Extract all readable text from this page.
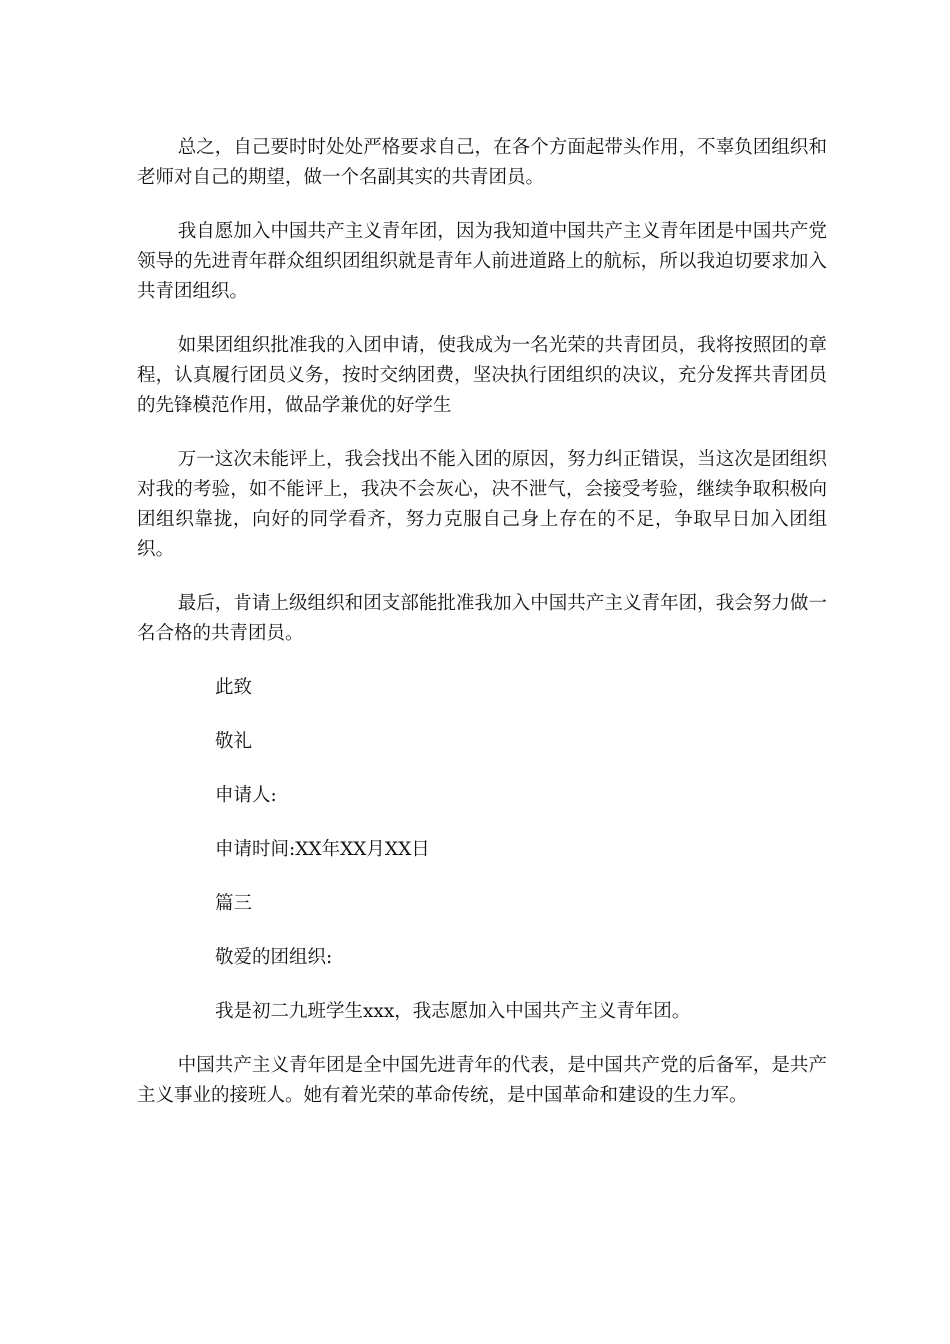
总之，自己要时时处处严格要求自己，在各个方面起带头作用，不辜负团组织和老师对自己的期望，做一个名副其实的共青团员。

我自愿加入中国共产主义青年团，因为我知道中国共产主义青年团是中国共产党领导的先进青年群众组织团组织就是青年人前进道路上的航标，所以我迫切要求加入共青团组织。

如果团组织批准我的入团申请，使我成为一名光荣的共青团员，我将按照团的章程，认真履行团员义务，按时交纳团费，坚决执行团组织的决议，充分发挥共青团员的先锋模范作用，做品学兼优的好学生

万一这次未能评上，我会找出不能入团的原因，努力纠正错误，当这次是团组织对我的考验，如不能评上，我决不会灰心，决不泄气，会接受考验，继续争取积极向团组织靠拢，向好的同学看齐，努力克服自己身上存在的不足，争取早日加入团组织。

最后，肯请上级组织和团支部能批准我加入中国共产主义青年团，我会努力做一名合格的共青团员。

此致

敬礼

申请人:

申请时间:XX年XX月XX日

篇三

敬爱的团组织:

我是初二九班学生xxx，我志愿加入中国共产主义青年团。

中国共产主义青年团是全中国先进青年的代表，是中国共产党的后备军，是共产主义事业的接班人。她有着光荣的革命传统，是中国革命和建设的生力军。
